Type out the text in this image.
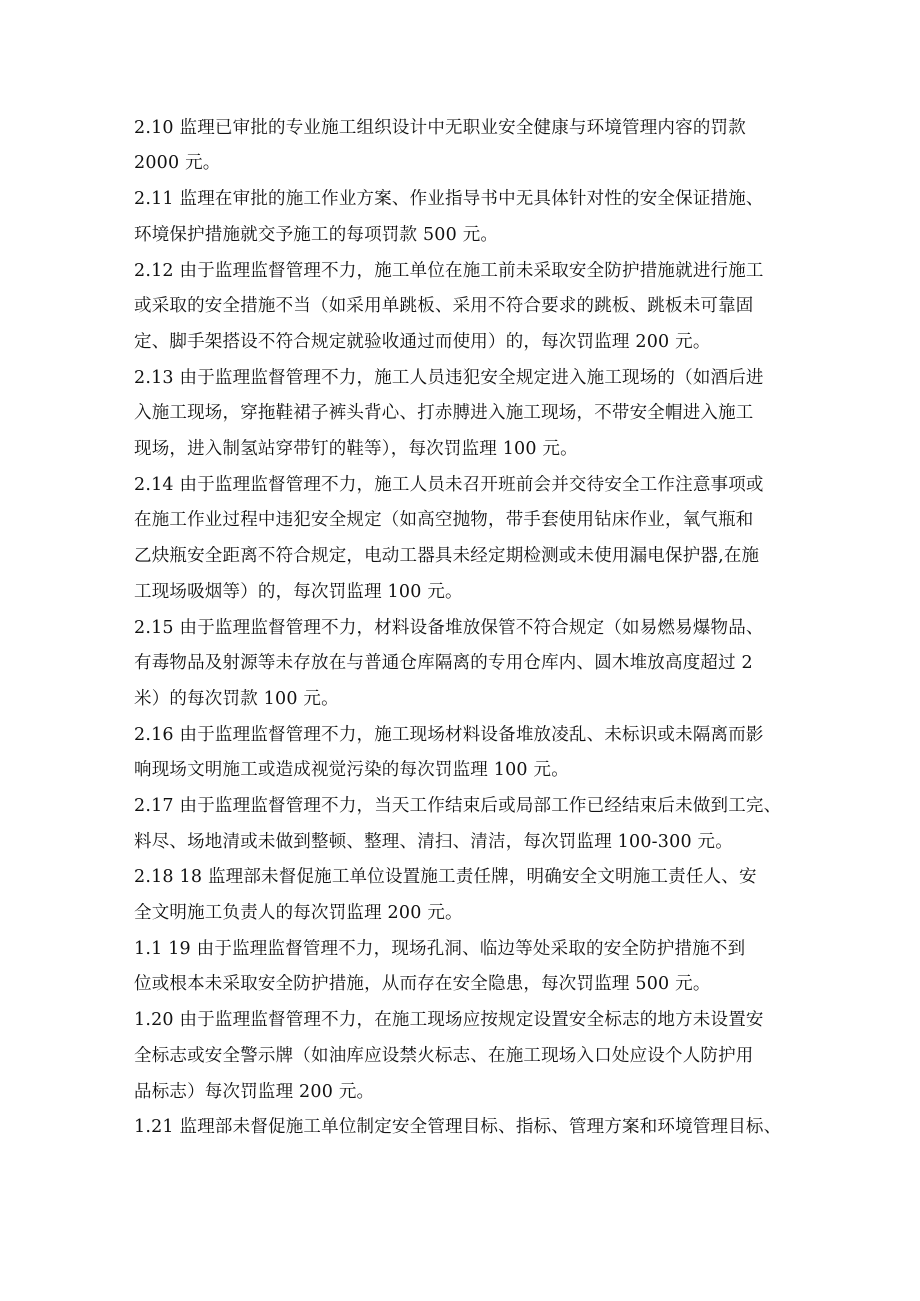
2.10 监理已审批的专业施工组织设计中无职业安全健康与环境管理内容的罚款
2000 元。
2.11 监理在审批的施工作业方案、作业指导书中无具体针对性的安全保证措施、
环境保护措施就交予施工的每项罚款 500 元。
2.12 由于监理监督管理不力，施工单位在施工前未采取安全防护措施就进行施工
或采取的安全措施不当（如采用单跳板、采用不符合要求的跳板、跳板未可靠固
定、脚手架搭设不符合规定就验收通过而使用）的，每次罚监理 200 元。
2.13 由于监理监督管理不力，施工人员违犯安全规定进入施工现场的（如酒后进
入施工现场，穿拖鞋裙子裤头背心、打赤膊进入施工现场，不带安全帽进入施工
现场，进入制氢站穿带钉的鞋等），每次罚监理 100 元。
2.14 由于监理监督管理不力，施工人员未召开班前会并交待安全工作注意事项或
在施工作业过程中违犯安全规定（如高空抛物，带手套使用钻床作业，氧气瓶和
乙炔瓶安全距离不符合规定，电动工器具未经定期检测或未使用漏电保护器,在施
工现场吸烟等）的，每次罚监理 100 元。
2.15 由于监理监督管理不力，材料设备堆放保管不符合规定（如易燃易爆物品、
有毒物品及射源等未存放在与普通仓库隔离的专用仓库内、圆木堆放高度超过 2
米）的每次罚款 100 元。
2.16 由于监理监督管理不力，施工现场材料设备堆放凌乱、未标识或未隔离而影
响现场文明施工或造成视觉污染的每次罚监理 100 元。
2.17 由于监理监督管理不力，当天工作结束后或局部工作已经结束后未做到工完、
料尽、场地清或未做到整顿、整理、清扫、清洁，每次罚监理 100-300 元。
2.18 18 监理部未督促施工单位设置施工责任牌，明确安全文明施工责任人、安
全文明施工负责人的每次罚监理 200 元。
1.1 19 由于监理监督管理不力，现场孔洞、临边等处采取的安全防护措施不到
位或根本未采取安全防护措施，从而存在安全隐患，每次罚监理 500 元。
1.20 由于监理监督管理不力，在施工现场应按规定设置安全标志的地方未设置安
全标志或安全警示牌（如油库应设禁火标志、在施工现场入口处应设个人防护用
品标志）每次罚监理 200 元。
1.21 监理部未督促施工单位制定安全管理目标、指标、管理方案和环境管理目标、
